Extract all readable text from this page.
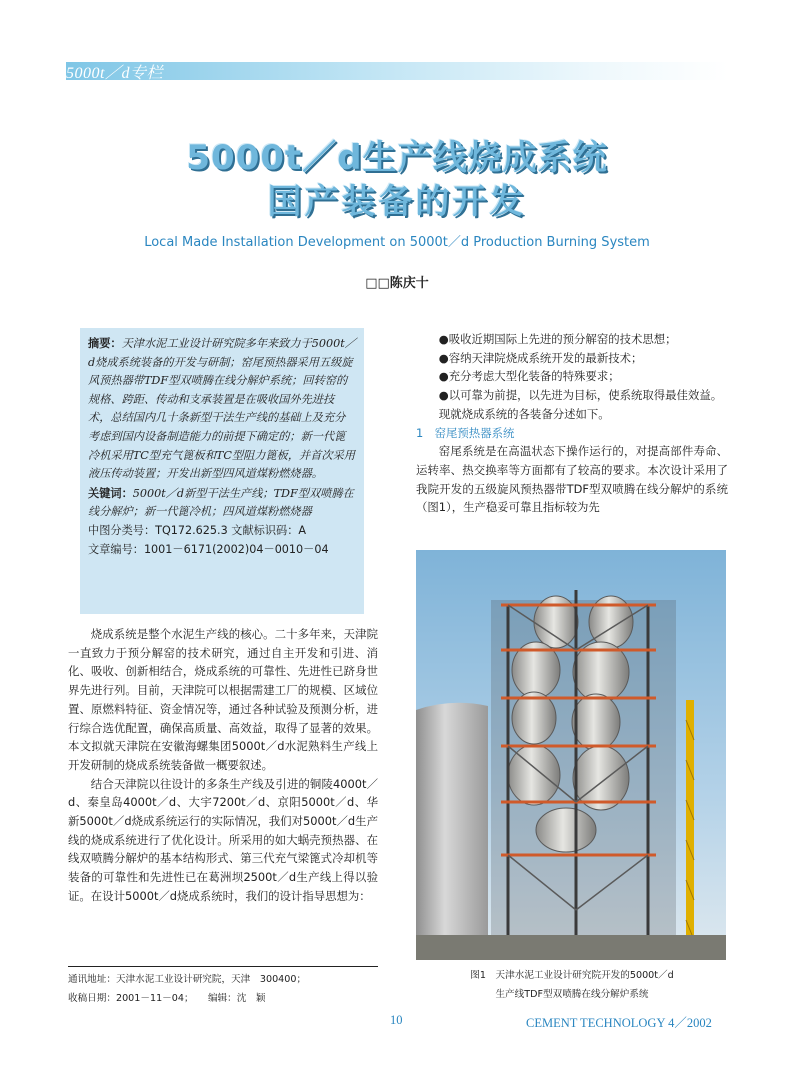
5000t／d专栏
5000t／d生产线烧成系统
国产装备的开发
Local Made Installation Development on 5000t／d Production Burning System
□□陈庆十

摘要：天津水泥工业设计研究院多年来致力于5000t／d烧成系统装备的开发与研制；窑尾预热器采用五级旋风预热器带TDF型双喷腾在线分解炉系统；回转窑的规格、跨距、传动和支承装置是在吸收国外先进技术，总结国内几十条新型干法生产线的基础上及充分考虑到国内设备制造能力的前提下确定的；新一代篦冷机采用TC型充气篦板和TC型阻力篦板，并首次采用液压传动装置；开发出新型四风道煤粉燃烧器。

关键词：5000t／d新型干法生产线；TDF型双喷腾在线分解炉；新一代篦冷机；四风道煤粉燃烧器

中图分类号：TQ172.625.3 文献标识码：A

文章编号：1001－6171(2002)04－0010－04

烧成系统是整个水泥生产线的核心。二十多年来，天津院一直致力于预分解窑的技术研究，通过自主开发和引进、消化、吸收、创新相结合，烧成系统的可靠性、先进性已跻身世界先进行列。目前，天津院可以根据需建工厂的规模、区域位置、原燃料特征、资金情况等，通过各种试验及预测分析，进行综合选优配置，确保高质量、高效益，取得了显著的效果。本文拟就天津院在安徽海螺集团5000t／d水泥熟料生产线上开发研制的烧成系统装备做一概要叙述。

结合天津院以往设计的多条生产线及引进的铜陵4000t／d、秦皇岛4000t／d、大宇7200t／d、京阳5000t／d、华新5000t／d烧成系统运行的实际情况，我们对5000t／d生产线的烧成系统进行了优化设计。所采用的如大蜗壳预热器、在线双喷腾分解炉的基本结构形式、第三代充气梁篦式冷却机等装备的可靠性和先进性已在葛洲坝2500t／d生产线上得以验证。在设计5000t／d烧成系统时，我们的设计指导思想为：

通讯地址：天津水泥工业设计研究院，天津　300400；
收稿日期：2001－11－04；　　编辑：沈　颖

●吸收近期国际上先进的预分解窑的技术思想；

●容纳天津院烧成系统开发的最新技术；

●充分考虑大型化装备的特殊要求；

●以可靠为前提，以先进为目标，使系统取得最佳效益。

现就烧成系统的各装备分述如下。

1　窑尾预热器系统

窑尾系统是在高温状态下操作运行的，对提高部件寿命、运转率、热交换率等方面都有了较高的要求。本次设计采用了我院开发的五级旋风预热器带TDF型双喷腾在线分解炉的系统（图1），生产稳妥可靠且指标较为先

图1　天津水泥工业设计研究院开发的5000t／d
生产线TDF型双喷腾在线分解炉系统
10	CEMENT TECHNOLOGY 4／2002
